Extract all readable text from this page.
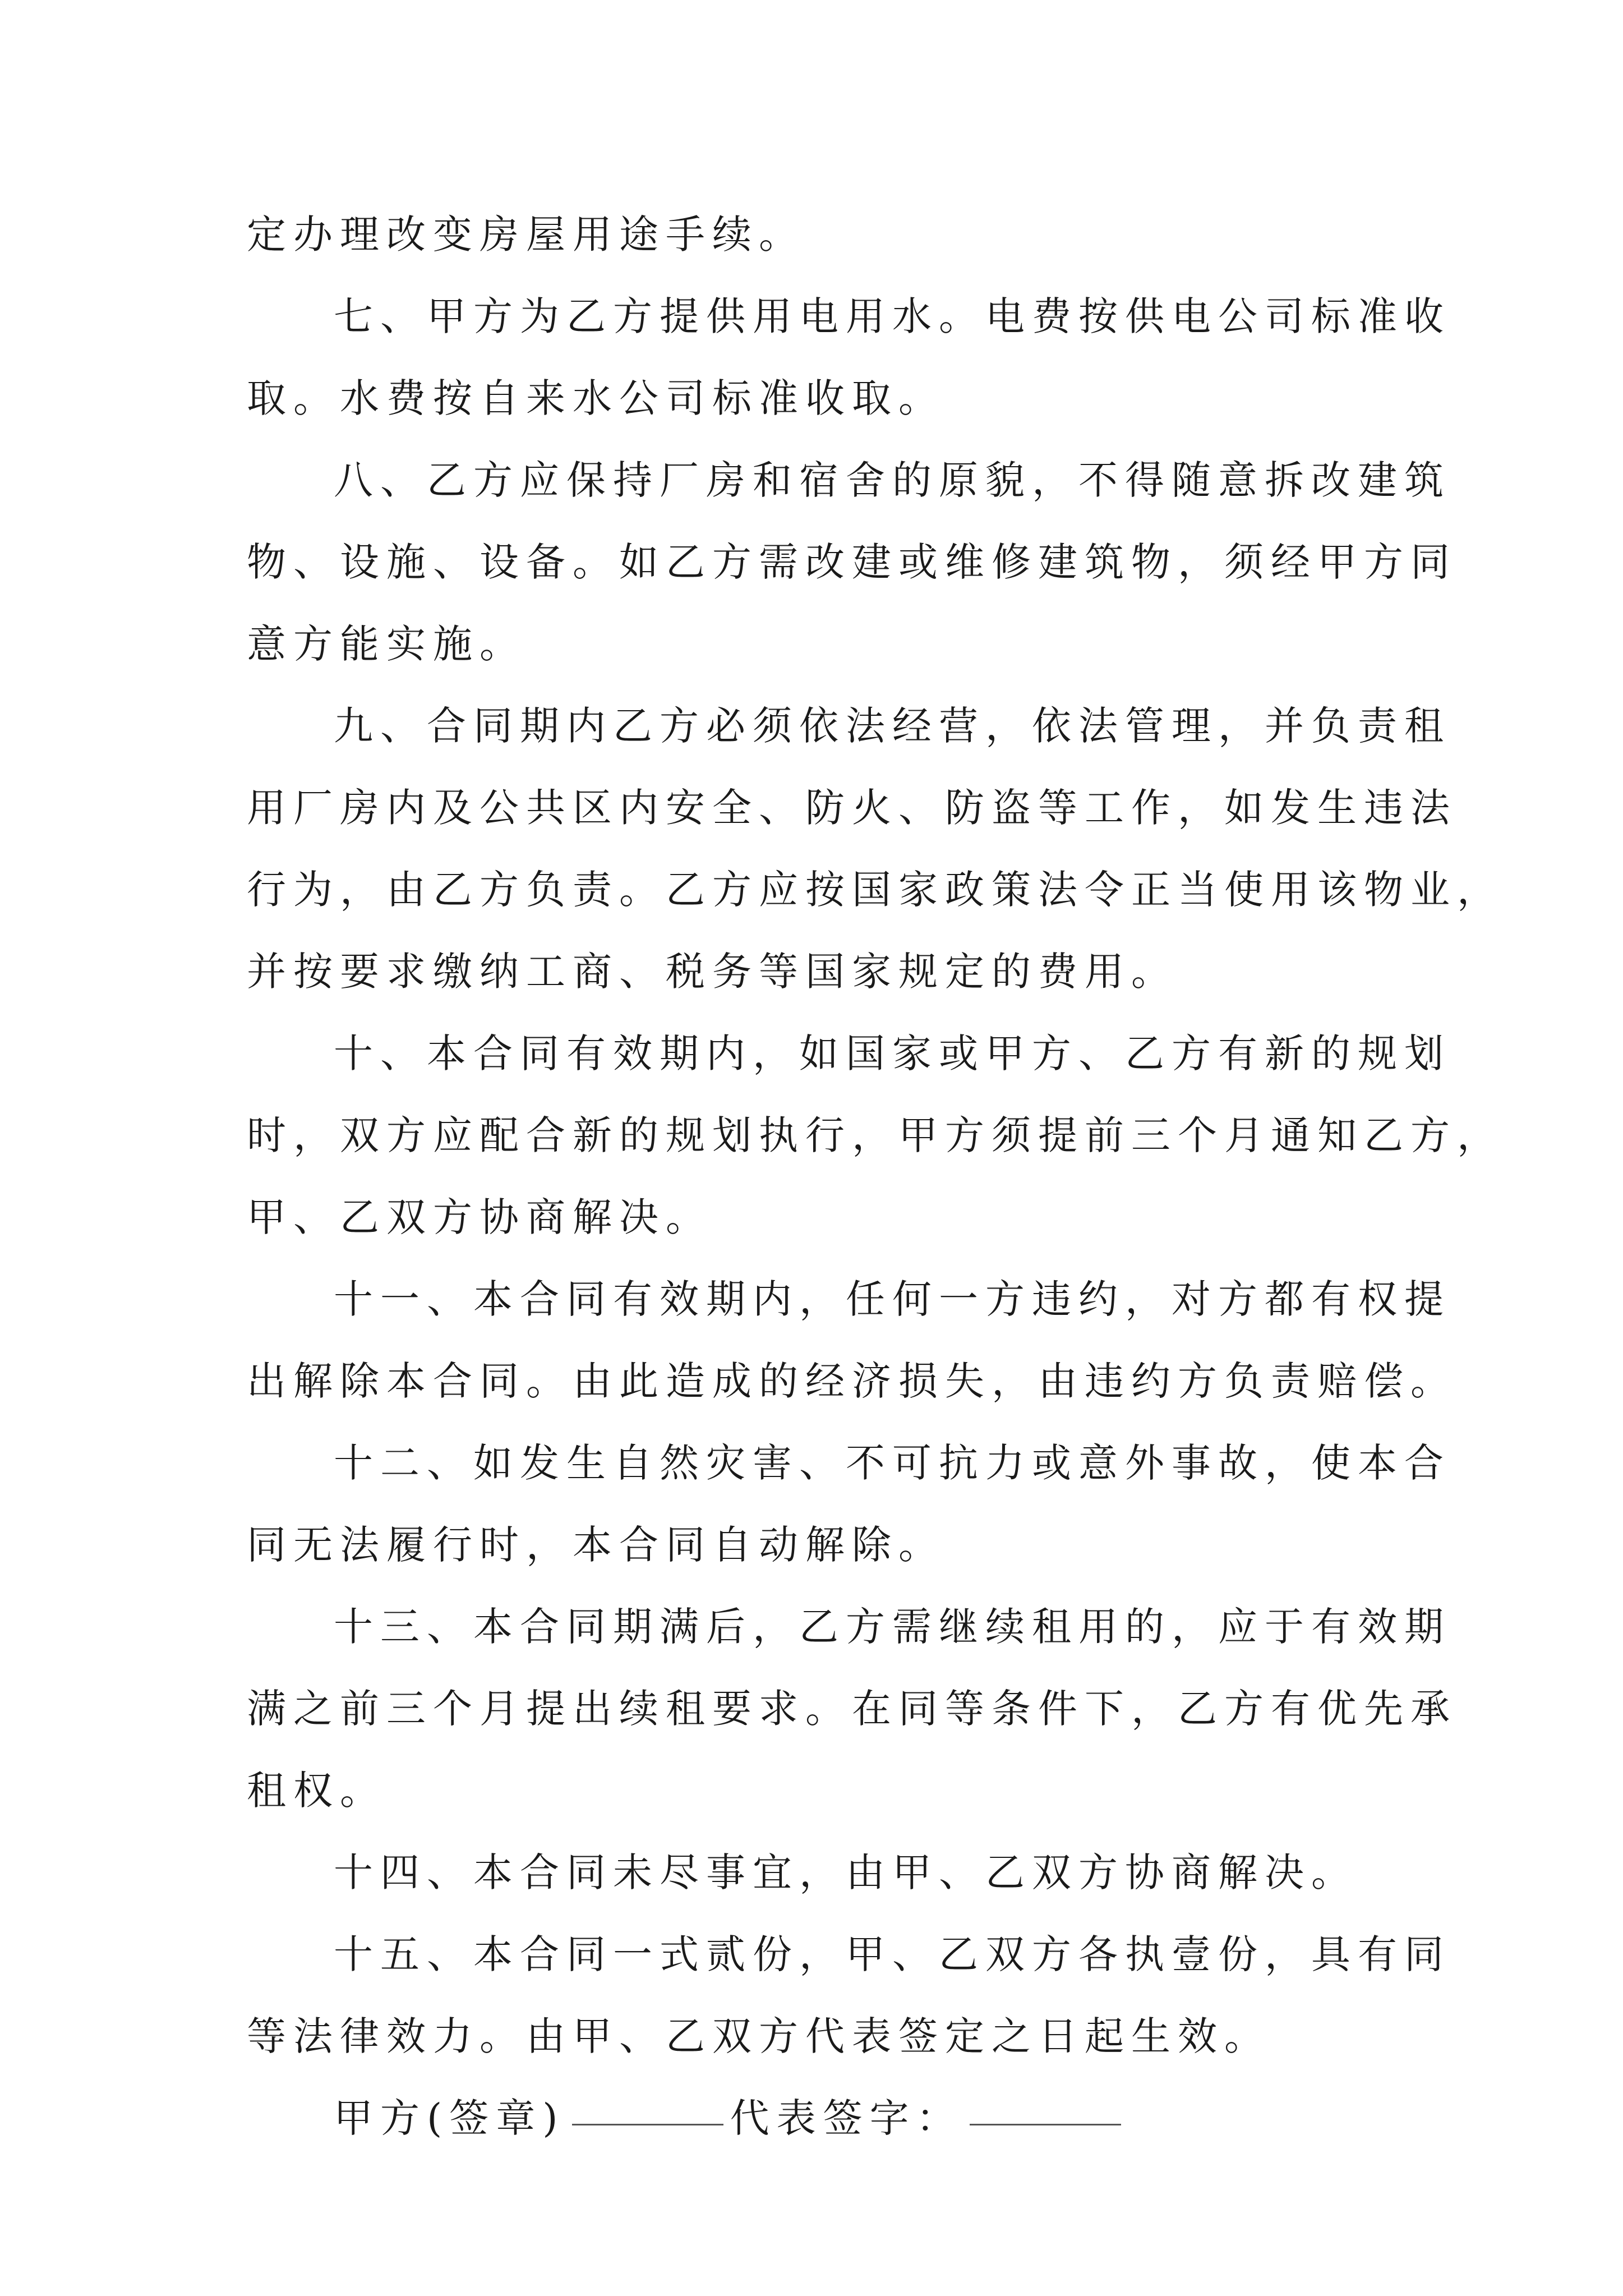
定办理改变房屋用途手续。
七、甲方为乙方提供用电用水。电费按供电公司标准收
取。水费按自来水公司标准收取。
八、乙方应保持厂房和宿舍的原貌，不得随意拆改建筑
物、设施、设备。如乙方需改建或维修建筑物，须经甲方同
意方能实施。
九、合同期内乙方必须依法经营，依法管理，并负责租
用厂房内及公共区内安全、防火、防盗等工作，如发生违法
行为，由乙方负责。乙方应按国家政策法令正当使用该物业，
并按要求缴纳工商、税务等国家规定的费用。
十、本合同有效期内，如国家或甲方、乙方有新的规划
时，双方应配合新的规划执行，甲方须提前三个月通知乙方，
甲、乙双方协商解决。
十一、本合同有效期内，任何一方违约，对方都有权提
出解除本合同。由此造成的经济损失，由违约方负责赔偿。
十二、如发生自然灾害、不可抗力或意外事故，使本合
同无法履行时，本合同自动解除。
十三、本合同期满后，乙方需继续租用的，应于有效期
满之前三个月提出续租要求。在同等条件下，乙方有优先承
租权。
十四、本合同未尽事宜，由甲、乙双方协商解决。
十五、本合同一式贰份，甲、乙双方各执壹份，具有同
等法律效力。由甲、乙双方代表签定之日起生效。
甲方(签章)	代表签字：
